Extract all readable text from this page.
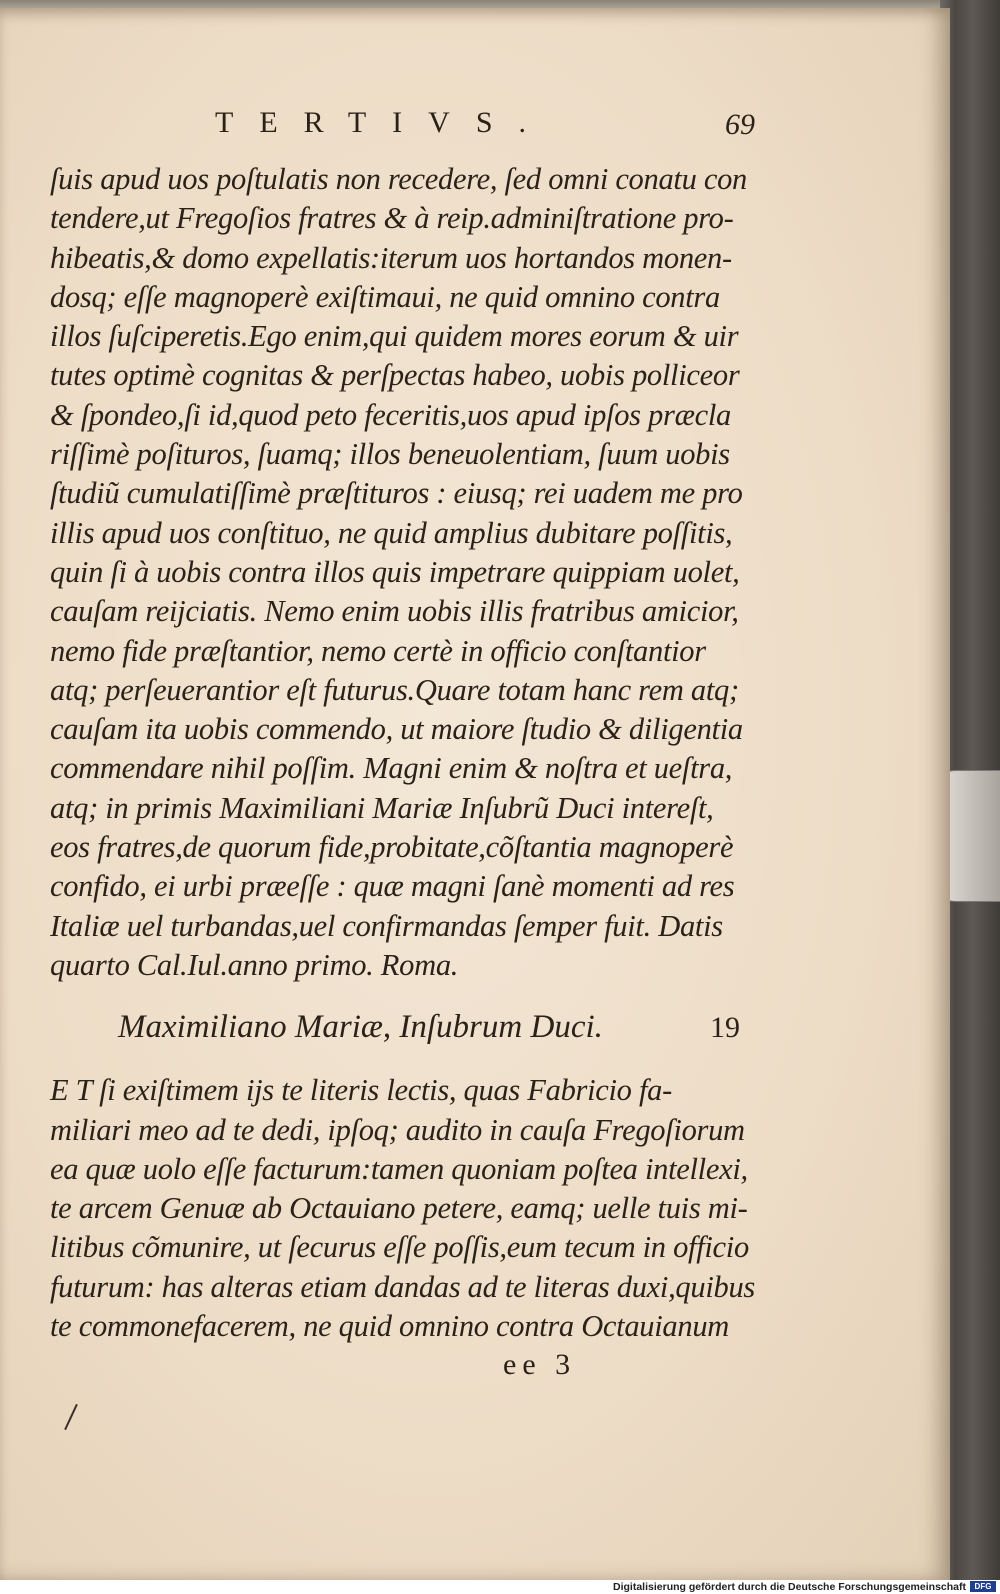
TERTIVS.	69
ſuis apud uos poſtulatis non recedere, ſed omni conatu con
tendere,ut Fregoſios fratres & à reip.adminiſtratione pro-
hibeatis,& domo expellatis:iterum uos hortandos monen-
dosq; eſſe magnoperè exiſtimaui, ne quid omnino contra
illos ſuſciperetis.Ego enim,qui quidem mores eorum & uir
tutes optimè cognitas & perſpectas habeo, uobis polliceor
& ſpondeo,ſi id,quod peto feceritis,uos apud ipſos præcla
riſſimè poſituros, ſuamq; illos beneuolentiam, ſuum uobis
ſtudiũ cumulatiſſimè præſtituros : eiusq; rei uadem me pro
illis apud uos conſtituo, ne quid amplius dubitare poſſitis,
quin ſi à uobis contra illos quis impetrare quippiam uolet,
cauſam reijciatis. Nemo enim uobis illis fratribus amicior,
nemo fide præſtantior, nemo certè in officio conſtantior
atq; perſeuerantior eſt futurus.Quare totam hanc rem atq;
cauſam ita uobis commendo, ut maiore ſtudio & diligentia
commendare nihil poſſim. Magni enim & noſtra et ueſtra,
atq; in primis Maximiliani Mariæ Inſubrũ Duci intereſt,
eos fratres,de quorum fide,probitate,cõſtantia magnoperè
confido, ei urbi præeſſe : quæ magni ſanè momenti ad res
Italiæ uel turbandas,uel confirmandas ſemper fuit. Datis
quarto Cal.Iul.anno primo. Roma.
Maximiliano Mariæ, Inſubrum Duci.	19
E T ſi exiſtimem ijs te literis lectis, quas Fabricio fa-
miliari meo ad te dedi, ipſoq; audito in cauſa Fregoſiorum
ea quæ uolo eſſe facturum:tamen quoniam poſtea intellexi,
te arcem Genuæ ab Octauiano petere, eamq; uelle tuis mi-
litibus cõmunire, ut ſecurus eſſe poſſis,eum tecum in officio
futurum: has alteras etiam dandas ad te literas duxi,quibus
te commonefacerem, ne quid omnino contra Octauianum
ee 3
Digitalisierung gefördert durch die Deutsche Forschungsgemeinschaft	DFG
